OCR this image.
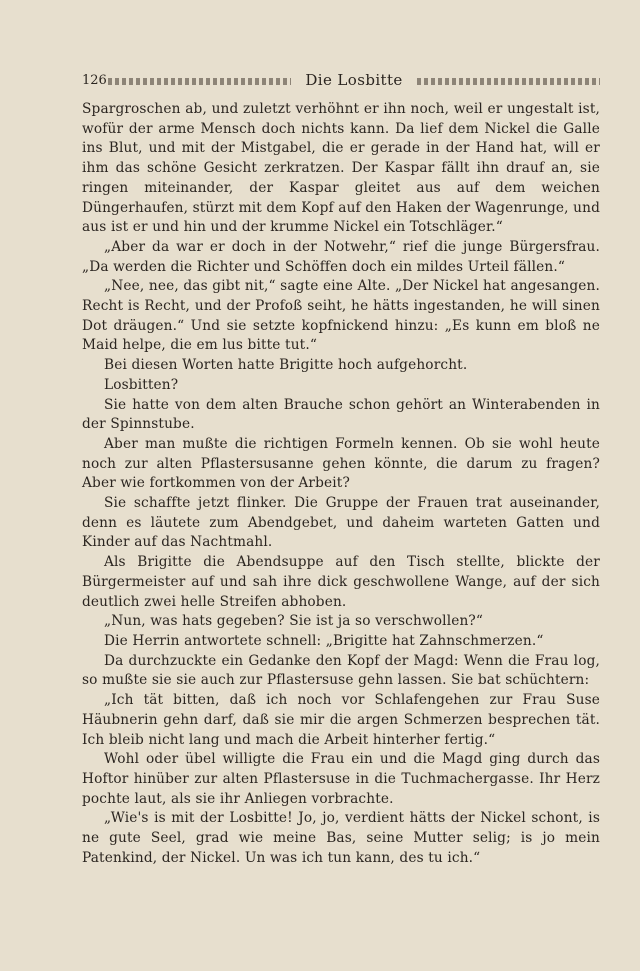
126	Die Losbitte

Spargroschen ab, und zuletzt verhöhnt er ihn noch, weil er ungestalt ist, wofür der arme Mensch doch nichts kann. Da lief dem Nickel die Galle ins Blut, und mit der Mistgabel, die er gerade in der Hand hat, will er ihm das schöne Gesicht zerkratzen. Der Kaspar fällt ihn drauf an, sie ringen miteinander, der Kaspar gleitet aus auf dem weichen Düngerhaufen, stürzt mit dem Kopf auf den Haken der Wagenrunge, und aus ist er und hin und der krumme Nickel ein Totschläger.“

„Aber da war er doch in der Notwehr,“ rief die junge Bürgersfrau. „Da werden die Richter und Schöffen doch ein mildes Urteil fällen.“

„Nee, nee, das gibt nit,“ sagte eine Alte. „Der Nickel hat angesangen. Recht is Recht, und der Profoß seiht, he hätts ingestanden, he will sinen Dot dräugen.“ Und sie setzte kopfnickend hinzu: „Es kunn em bloß ne Maid helpe, die em lus bitte tut.“

Bei diesen Worten hatte Brigitte hoch aufgehorcht.

Losbitten?

Sie hatte von dem alten Brauche schon gehört an Winterabenden in der Spinnstube.

Aber man mußte die richtigen Formeln kennen. Ob sie wohl heute noch zur alten Pflastersusanne gehen könnte, die darum zu fragen? Aber wie fortkommen von der Arbeit?

Sie schaffte jetzt flinker. Die Gruppe der Frauen trat auseinander, denn es läutete zum Abendgebet, und daheim warteten Gatten und Kinder auf das Nachtmahl.

Als Brigitte die Abendsuppe auf den Tisch stellte, blickte der Bürgermeister auf und sah ihre dick geschwollene Wange, auf der sich deutlich zwei helle Streifen abhoben.

„Nun, was hats gegeben? Sie ist ja so verschwollen?“

Die Herrin antwortete schnell: „Brigitte hat Zahnschmerzen.“

Da durchzuckte ein Gedanke den Kopf der Magd: Wenn die Frau log, so mußte sie sie auch zur Pflastersuse gehn lassen. Sie bat schüchtern:

„Ich tät bitten, daß ich noch vor Schlafengehen zur Frau Suse Häubnerin gehn darf, daß sie mir die argen Schmerzen besprechen tät. Ich bleib nicht lang und mach die Arbeit hinterher fertig.“

Wohl oder übel willigte die Frau ein und die Magd ging durch das Hoftor hinüber zur alten Pflastersuse in die Tuchmachergasse. Ihr Herz pochte laut, als sie ihr Anliegen vorbrachte.

„Wie's is mit der Losbitte! Jo, jo, verdient hätts der Nickel schont, is ne gute Seel, grad wie meine Bas, seine Mutter selig; is jo mein Patenkind, der Nickel. Un was ich tun kann, des tu ich.“
